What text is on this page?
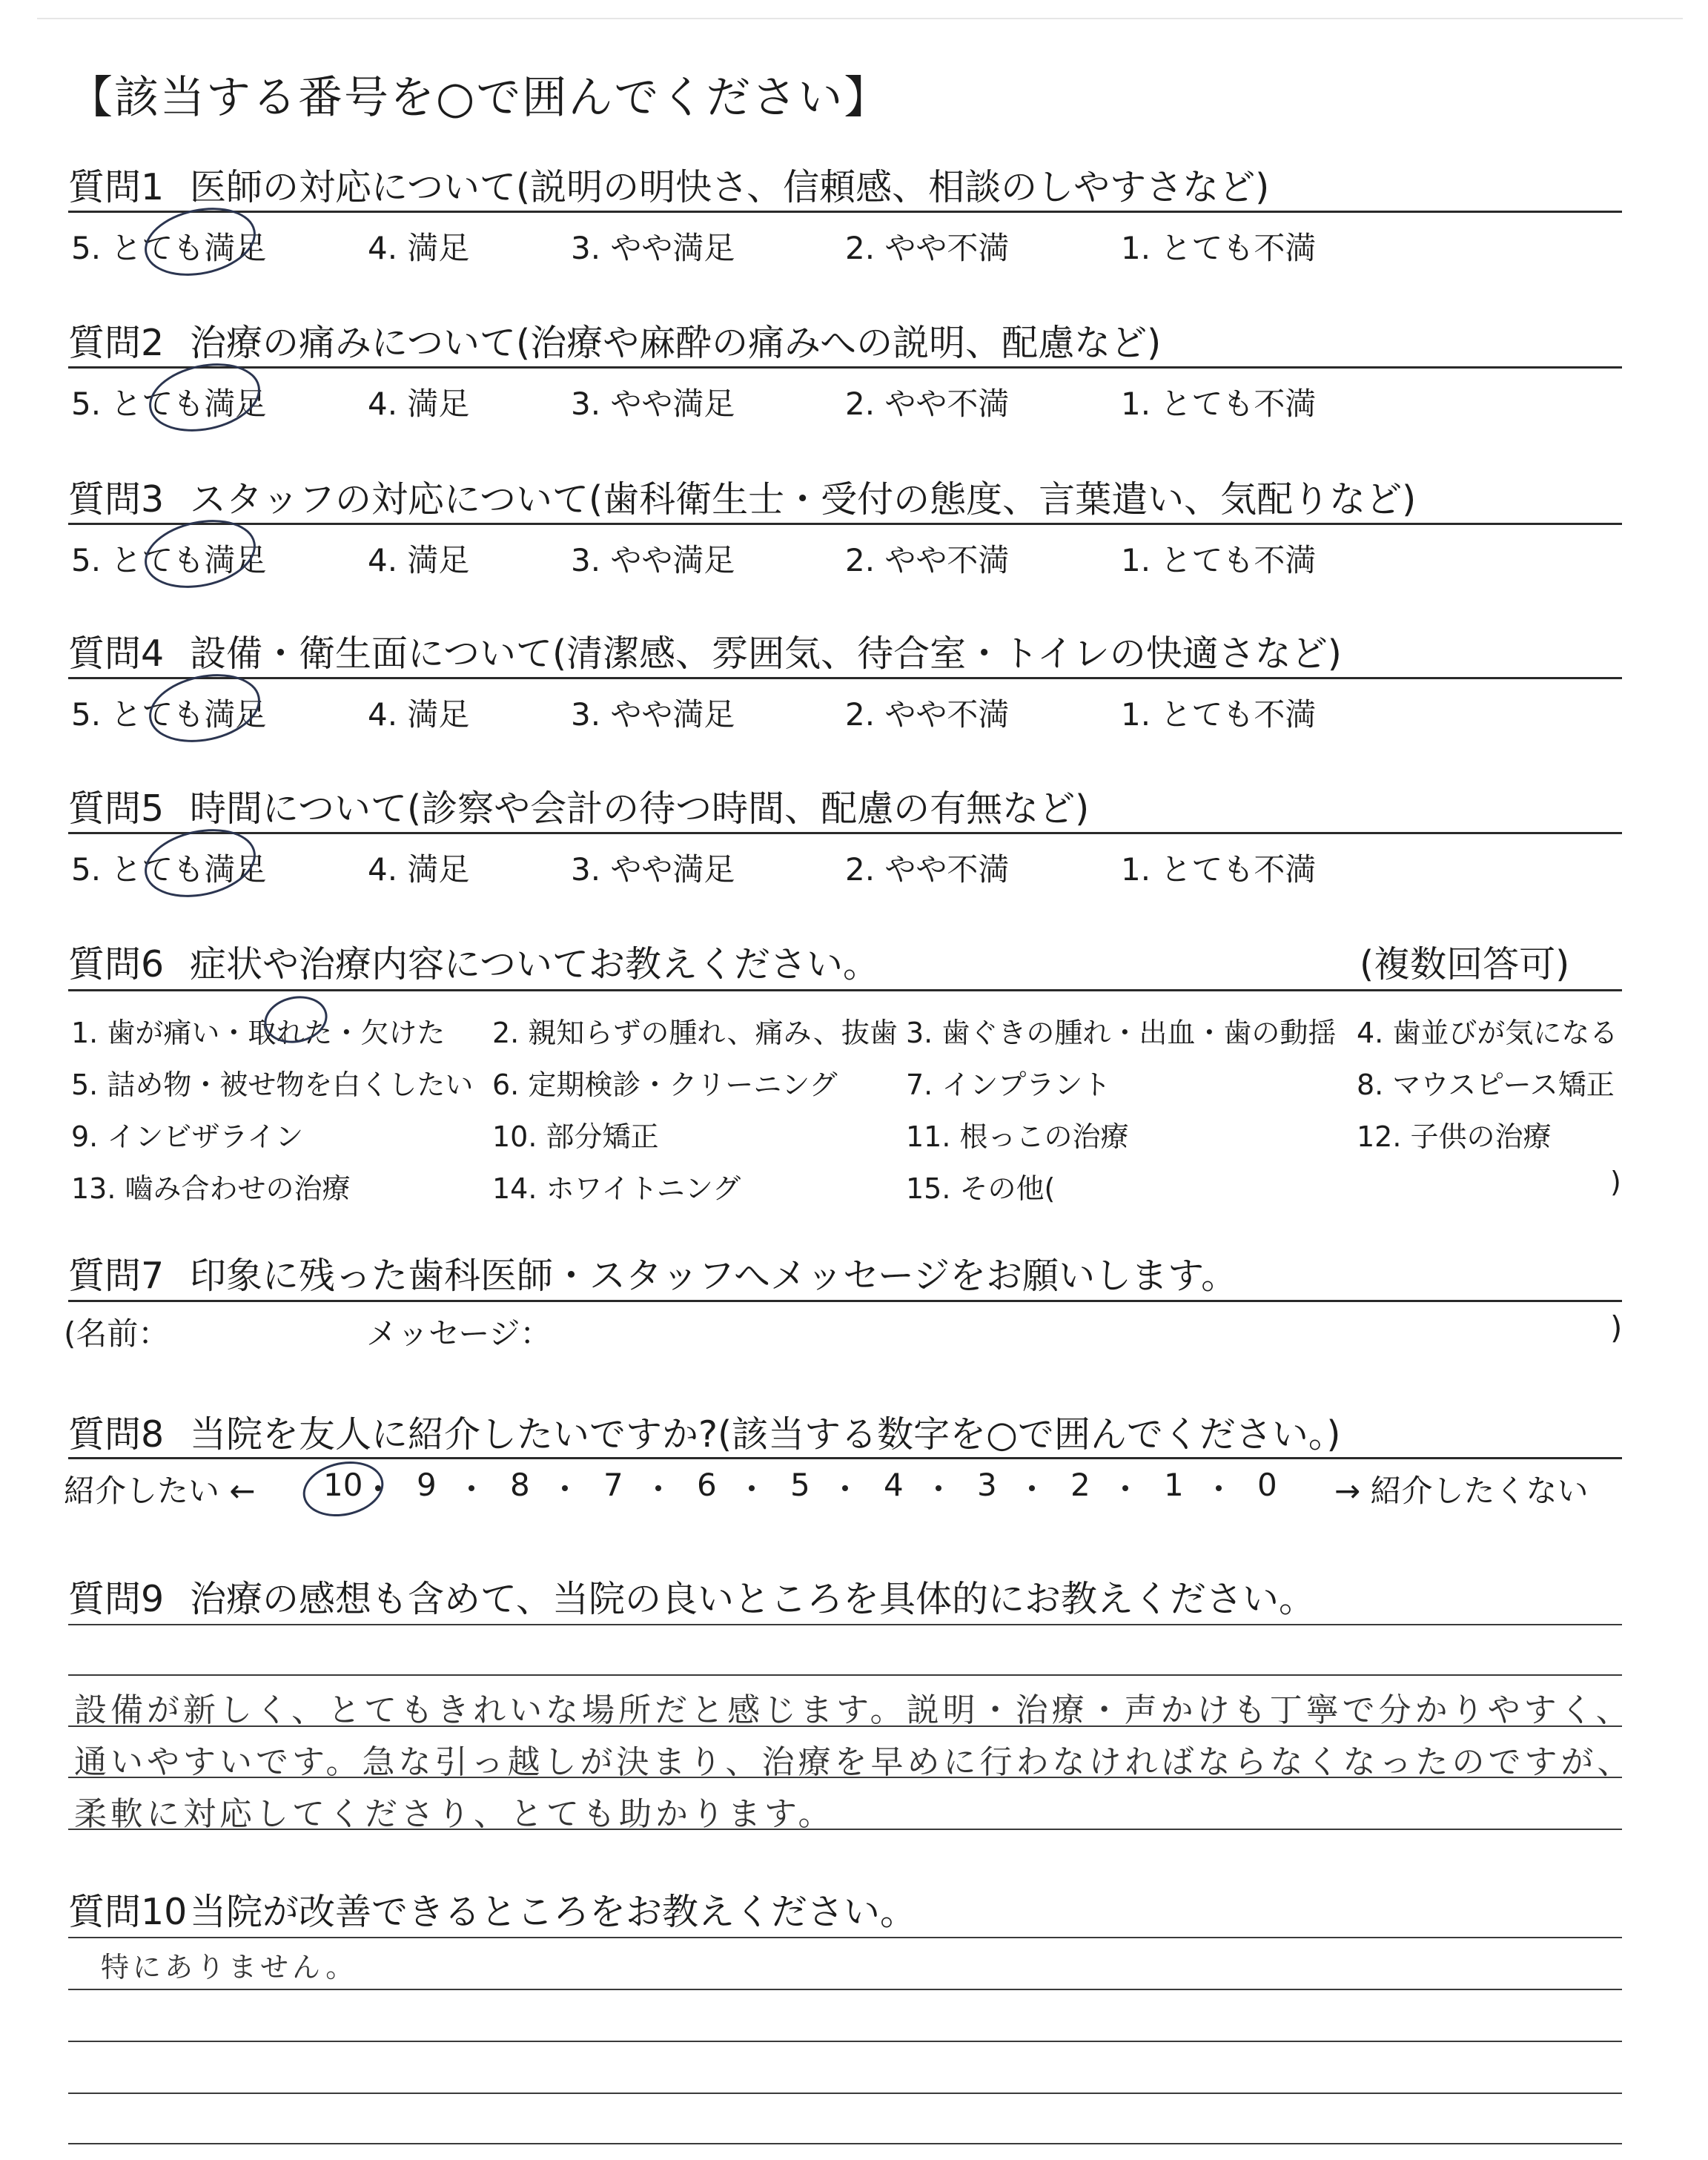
【該当する番号を○で囲んでください】
質問1 医師の対応について(説明の明快さ、信頼感、相談のしやすさなど)
5. とても満足	4. 満足	3. やや満足	2. やや不満	1. とても不満
質問2 治療の痛みについて(治療や麻酔の痛みへの説明、配慮など)
5. とても満足	4. 満足	3. やや満足	2. やや不満	1. とても不満
質問3 スタッフの対応について(歯科衛生士・受付の態度、言葉遣い、気配りなど)
5. とても満足	4. 満足	3. やや満足	2. やや不満	1. とても不満
質問4 設備・衛生面について(清潔感、雰囲気、待合室・トイレの快適さなど)
5. とても満足	4. 満足	3. やや満足	2. やや不満	1. とても不満
質問5 時間について(診察や会計の待つ時間、配慮の有無など)
5. とても満足	4. 満足	3. やや満足	2. やや不満	1. とても不満
質問6 症状や治療内容についてお教えください。	(複数回答可)
1. 歯が痛い・取れた・欠けた 2. 親知らずの腫れ、痛み、抜歯 3. 歯ぐきの腫れ・出血・歯の動揺 4. 歯並びが気になる
5. 詰め物・被せ物を白くしたい 6. 定期検診・クリーニング 7. インプラント	8. マウスピース矯正
9. インビザライン	10. 部分矯正	11. 根っこの治療	12. 子供の治療
13. 嚙み合わせの治療	14. ホワイトニング	15. その他(	)
質問7 印象に残った歯科医師・スタッフへメッセージをお願いします。
(名前：	メッセージ：	)
質問8 当院を友人に紹介したいですか?(該当する数字を○で囲んでください。)
紹介したい ←	→ 紹介したくない
10 9 8 7 6 5 4 3 2 1 0
質問9 治療の感想も含めて、当院の良いところを具体的にお教えください。
設備が新しく、とてもきれいな場所だと感じます。説明・治療・声かけも丁寧で分かりやすく、
通いやすいです。急な引っ越しが決まり、治療を早めに行わなければならなくなったのですが、
柔軟に対応してくださり、とても助かります。
質問10当院が改善できるところをお教えください。
特にありません。
